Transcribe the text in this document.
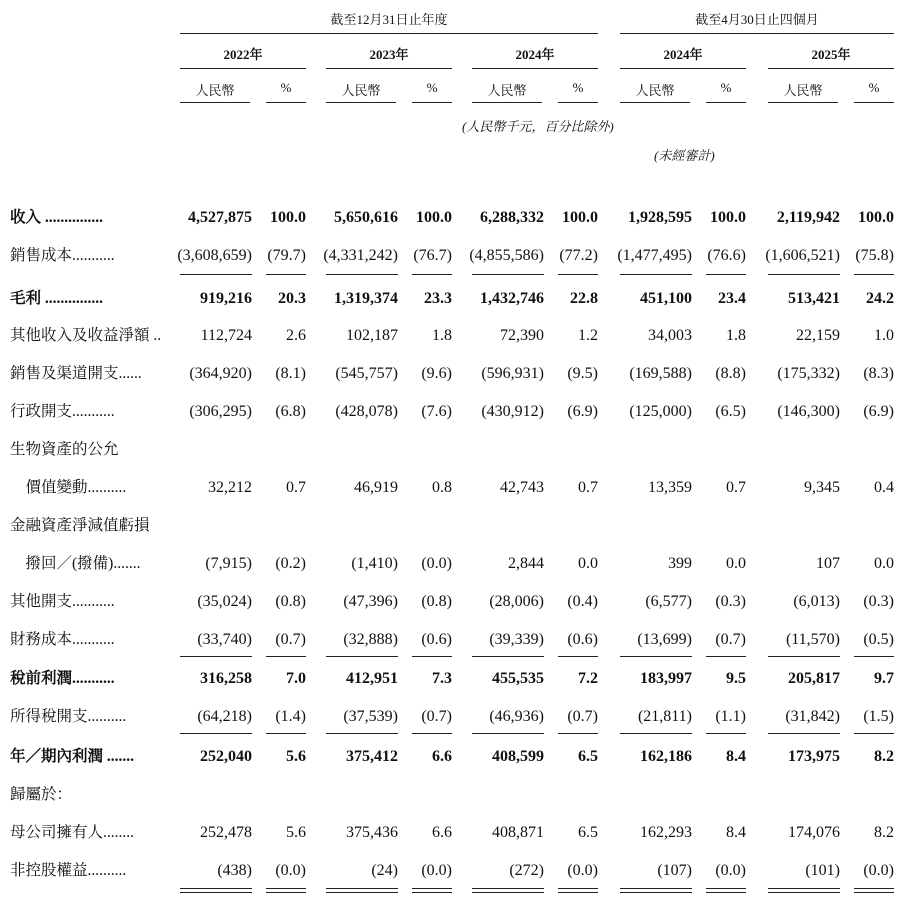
截至12月31日止年度	截至4月30日止四個月
2022年	2023年	2024年	2024年	2025年
人民幣	%	人民幣	%	人民幣	%	人民幣	%	人民幣	%
(人民幣千元，百分比除外)
(未經審計)
收入 ...............	4,527,875 100.0 5,650,616 100.0 6,288,332 100.0 1,928,595 100.0 2,119,942 100.0
銷售成本...........	(3,608,659) (79.7) (4,331,242) (76.7) (4,855,586) (77.2) (1,477,495) (76.6) (1,606,521) (75.8)
毛利 ...............	919,216 20.3 1,319,374 23.3 1,432,746 22.8	451,100 23.4	513,421 24.2
其他收入及收益淨額 .. 112,724 2.6	102,187 1.8	72,390 1.2	34,003 1.8	22,159 1.0
銷售及渠道開支......	(364,920) (8.1) (545,757) (9.6) (596,931) (9.5) (169,588) (8.8) (175,332) (8.3)
行政開支...........	(306,295) (6.8) (428,078) (7.6) (430,912) (6.9) (125,000) (6.5) (146,300) (6.9)
生物資產的公允
　價值變動..........	32,212 0.7	46,919 0.8	42,743 0.7	13,359 0.7	9,345 0.4
金融資產淨減值虧損
　撥回／(撥備).......	(7,915) (0.2)	(1,410) (0.0)	2,844 0.0	399 0.0	107 0.0
其他開支...........	(35,024) (0.8) (47,396) (0.8) (28,006) (0.4)	(6,577) (0.3)	(6,013) (0.3)
財務成本...........	(33,740) (0.7) (32,888) (0.6) (39,339) (0.6) (13,699) (0.7) (11,570) (0.5)
稅前利潤...........	316,258 7.0	412,951 7.3	455,535 7.2	183,997 9.5	205,817 9.7
所得稅開支..........	(64,218) (1.4) (37,539) (0.7) (46,936) (0.7) (21,811) (1.1) (31,842) (1.5)
年／期內利潤 .......	252,040 5.6	375,412 6.6	408,599 6.5	162,186 8.4	173,975 8.2
歸屬於：
母公司擁有人........	252,478 5.6	375,436 6.6	408,871 6.5	162,293 8.4	174,076 8.2
非控股權益..........	(438) (0.0)	(24) (0.0)	(272) (0.0)	(107) (0.0)	(101) (0.0)
